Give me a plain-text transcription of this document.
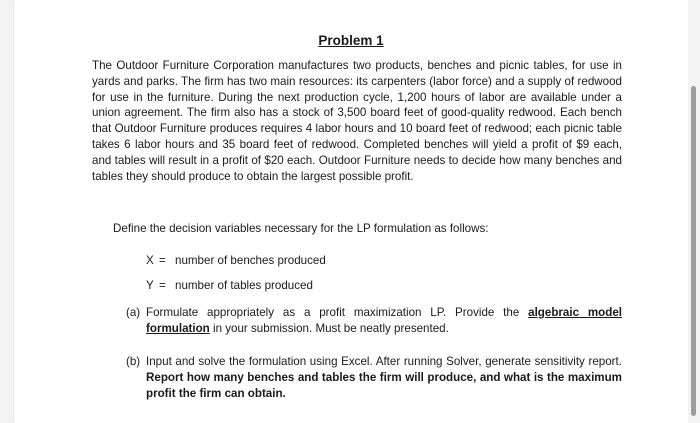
Problem 1

The Outdoor Furniture Corporation manufactures two products, benches and picnic tables, for use in yards and parks. The firm has two main resources: its carpenters (labor force) and a supply of redwood for use in the furniture. During the next production cycle, 1,200 hours of labor are available under a union agreement. The firm also has a stock of 3,500 board feet of good-quality redwood. Each bench that Outdoor Furniture produces requires 4 labor hours and 10 board feet of redwood; each picnic table takes 6 labor hours and 35 board feet of redwood. Completed benches will yield a profit of $9 each, and tables will result in a profit of $20 each. Outdoor Furniture needs to decide how many benches and tables they should produce to obtain the largest possible profit.

Define the decision variables necessary for the LP formulation as follows:

X = number of benches produced

Y = number of tables produced

(a) Formulate appropriately as a profit maximization LP. Provide the algebraic model formulation in your submission. Must be neatly presented.
(b) Input and solve the formulation using Excel. After running Solver, generate sensitivity report. Report how many benches and tables the firm will produce, and what is the maximum profit the firm can obtain.
